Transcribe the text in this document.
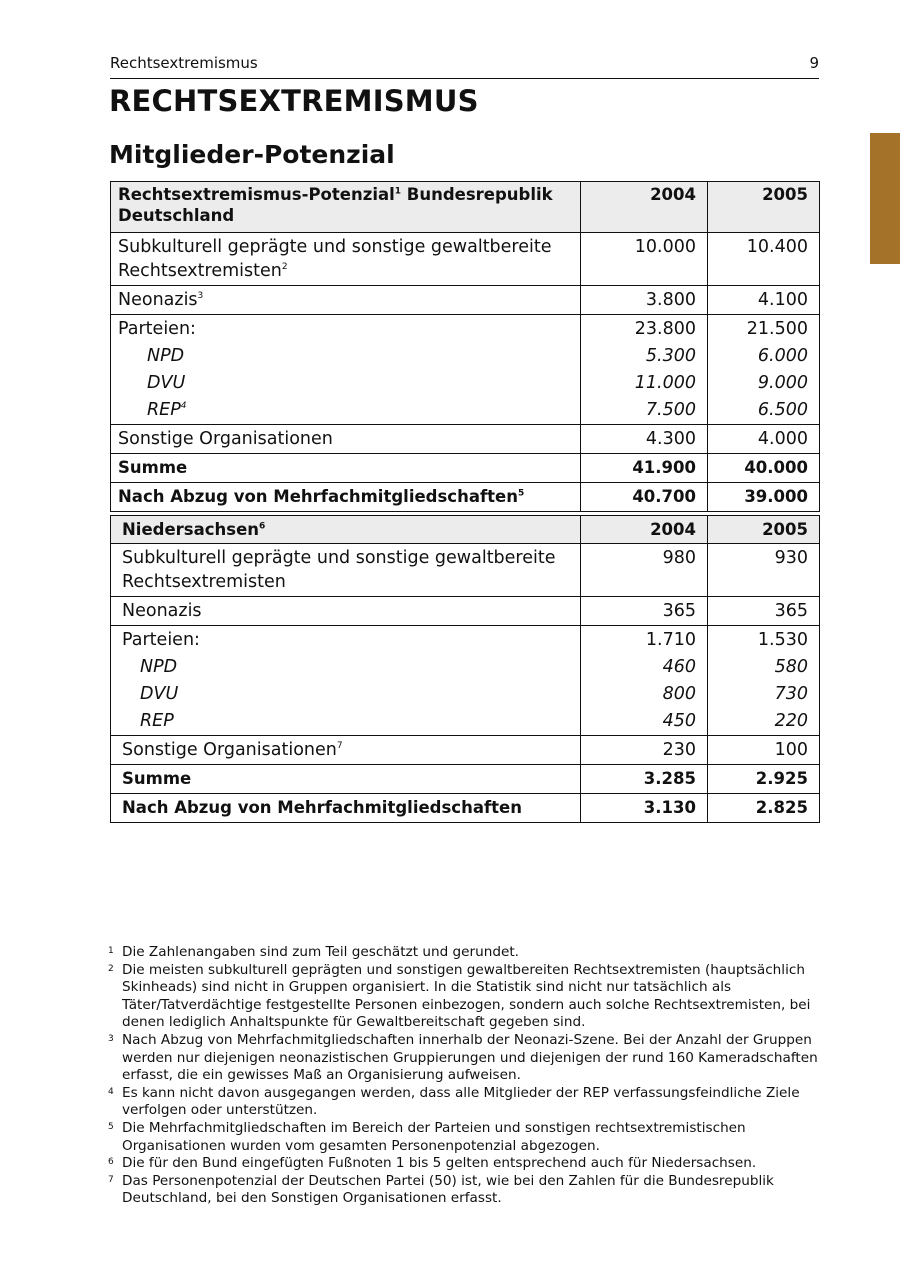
Rechtsextremismus	9
RECHTSEXTREMISMUS
Mitglieder-Potenzial
Rechtsextremismus-Potenzial$^1$ Bundesrepublik Deutschland	2004	2005
Subkulturell geprägte und sonstige gewaltbereite Rechtsextremisten$^2$	10.000	10.400
Neonazis$^3$	3.800	4.100
Parteien:	23.800	21.500
NPD	5.300	6.000
DVU	11.000	9.000
REP$^4$	7.500	6.500
Sonstige Organisationen	4.300	4.000
Summe	41.900	40.000
Nach Abzug von Mehrfachmitgliedschaften$^5$	40.700	39.000
Niedersachsen$^6$	2004	2005
Subkulturell geprägte und sonstige gewaltbereite Rechtsextremisten	980	930
Neonazis	365	365
Parteien:	1.710	1.530
NPD	460	580
DVU	800	730
REP	450	220
Sonstige Organisationen$^7$	230	100
Summe	3.285	2.925
Nach Abzug von Mehrfachmitgliedschaften	3.130	2.825
1 Die Zahlenangaben sind zum Teil geschätzt und gerundet.
2 Die meisten subkulturell geprägten und sonstigen gewaltbereiten Rechtsextremisten (hauptsächlich Skinheads) sind nicht in Gruppen organisiert. In die Statistik sind nicht nur tatsächlich als Täter/Tatverdächtige festgestellte Personen einbezogen, sondern auch solche Rechtsextremisten, bei denen lediglich Anhaltspunkte für Gewaltbereitschaft gegeben sind.
3 Nach Abzug von Mehrfachmitgliedschaften innerhalb der Neonazi-Szene. Bei der Anzahl der Gruppen werden nur diejenigen neonazistischen Gruppierungen und diejenigen der rund 160 Kameradschaften erfasst, die ein gewisses Maß an Organisierung aufweisen.
4 Es kann nicht davon ausgegangen werden, dass alle Mitglieder der REP verfassungsfeindliche Ziele verfolgen oder unterstützen.
5 Die Mehrfachmitgliedschaften im Bereich der Parteien und sonstigen rechtsextremistischen Organisationen wurden vom gesamten Personenpotenzial abgezogen.
6 Die für den Bund eingefügten Fußnoten 1 bis 5 gelten entsprechend auch für Niedersachsen.
7 Das Personenpotenzial der Deutschen Partei (50) ist, wie bei den Zahlen für die Bundesrepublik Deutschland, bei den Sonstigen Organisationen erfasst.
